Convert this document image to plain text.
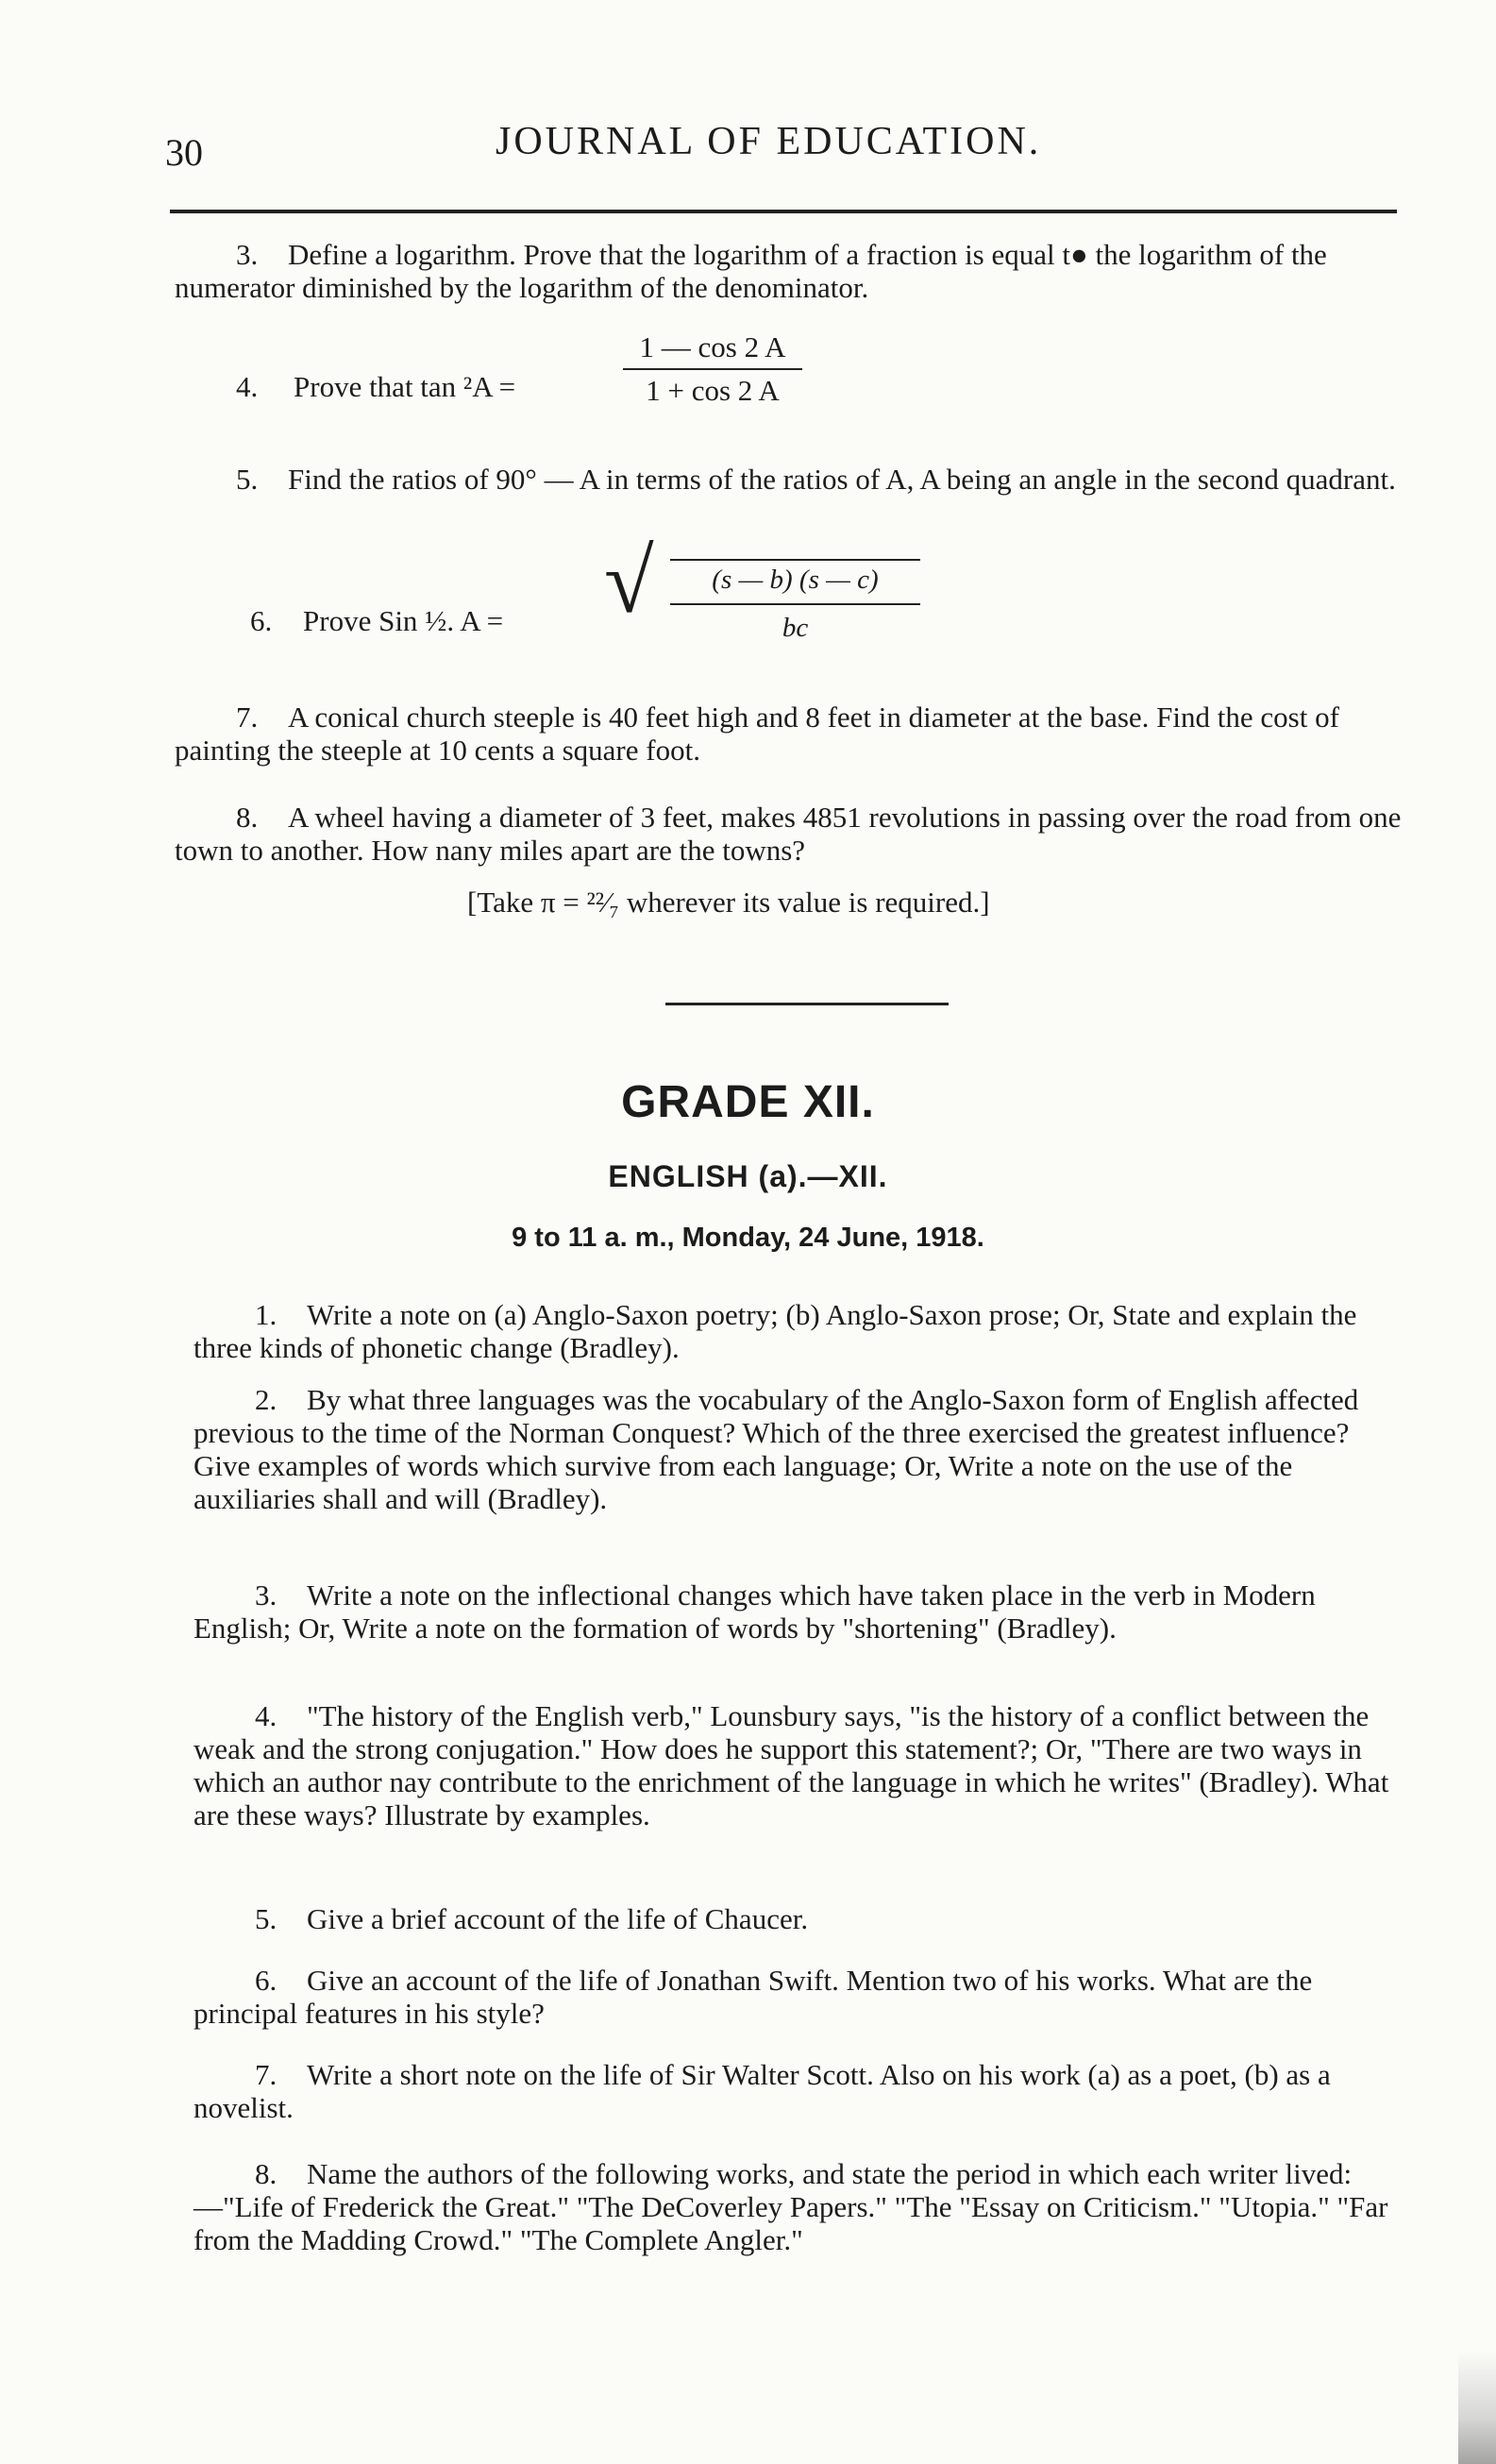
30	JOURNAL OF EDUCATION.

3. Define a logarithm. Prove that the logarithm of a fraction is equal t● the logarithm of the numerator diminished by the logarithm of the denominator.

4. Prove that tan ²A =
1 — cos 2 A
1 + cos 2 A

5. Find the ratios of 90° — A in terms of the ratios of A, A being an angle in the second quadrant.

6. Prove Sin ½. A =	√	(s — b) (s — c)
bc

7. A conical church steeple is 40 feet high and 8 feet in diameter at the base. Find the cost of painting the steeple at 10 cents a square foot.

8. A wheel having a diameter of 3 feet, makes 4851 revolutions in passing over the road from one town to another. How nany miles apart are the towns?

[Take π = ²²⁄₇ wherever its value is required.]
GRADE XII.
ENGLISH (a).—XII.
9 to 11 a. m., Monday, 24 June, 1918.

1. Write a note on (a) Anglo-Saxon poetry; (b) Anglo-Saxon prose; Or, State and explain the three kinds of phonetic change (Bradley).

2. By what three languages was the vocabulary of the Anglo-Saxon form of English affected previous to the time of the Norman Conquest? Which of the three exercised the greatest influence? Give examples of words which survive from each language; Or, Write a note on the use of the auxiliaries shall and will (Bradley).

3. Write a note on the inflectional changes which have taken place in the verb in Modern English; Or, Write a note on the formation of words by "shortening" (Bradley).

4. "The history of the English verb," Lounsbury says, "is the history of a conflict between the weak and the strong conjugation." How does he support this statement?; Or, "There are two ways in which an author nay contribute to the enrichment of the language in which he writes" (Bradley). What are these ways? Illustrate by examples.

5. Give a brief account of the life of Chaucer.

6. Give an account of the life of Jonathan Swift. Mention two of his works. What are the principal features in his style?

7. Write a short note on the life of Sir Walter Scott. Also on his work (a) as a poet, (b) as a novelist.

8. Name the authors of the following works, and state the period in which each writer lived:—"Life of Frederick the Great." "The DeCoverley Papers." "The "Essay on Criticism." "Utopia." "Far from the Madding Crowd." "The Complete Angler."
